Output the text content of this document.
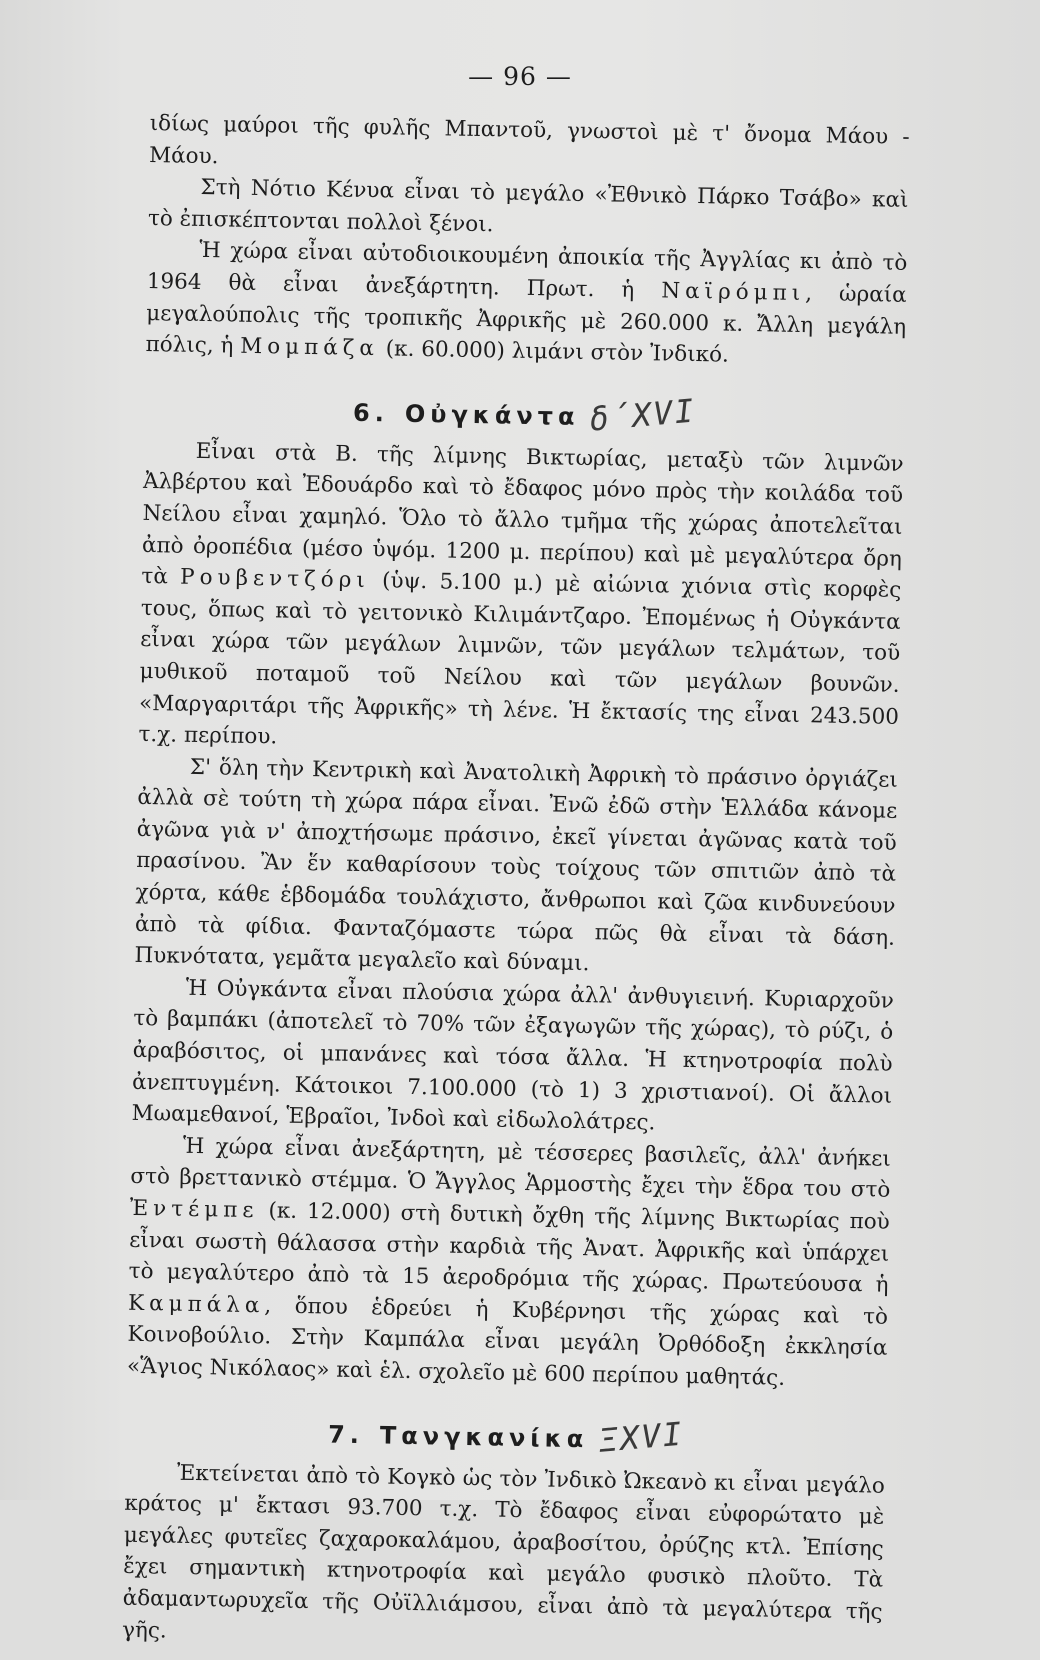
— 96 —

ιδίως μαύροι τῆς φυλῆς Μπαντοῦ, γνωστοὶ μὲ τ' ὄνομα Μάου - Μάου.

Στὴ Νότιο Κένυα εἶναι τὸ μεγάλο «Ἐθνικὸ Πάρκο Τσάβο» καὶ τὸ ἐπισκέπτονται πολλοὶ ξένοι.

Ἡ χώρα εἶναι αὐτοδιοικουμένη ἀποικία τῆς Ἀγγλίας κι ἀπὸ τὸ 1964 θὰ εἶναι ἀνεξάρτητη. Πρωτ. ἡ Ναϊρόμπι, ὡραία μεγαλούπολις τῆς τροπικῆς Ἀφρικῆς μὲ 260.000 κ. Ἄλλη μεγάλη πόλις, ἡ Μομπάζα (κ. 60.000) λιμάνι στὸν Ἰνδικό.

6. Οὐγκάντα δ΄XVI

Εἶναι στὰ Β. τῆς λίμνης Βικτωρίας, μεταξὺ τῶν λιμνῶν Ἀλβέρτου καὶ Ἐδουάρδο καὶ τὸ ἔδαφος μόνο πρὸς τὴν κοιλάδα τοῦ Νείλου εἶναι χαμηλό. Ὅλο τὸ ἄλλο τμῆμα τῆς χώρας ἀποτελεῖται ἀπὸ ὀροπέδια (μέσο ὑψόμ. 1200 μ. περίπου) καὶ μὲ μεγαλύτερα ὄρη τὰ Ρουβεντζόρι (ὑψ. 5.100 μ.) μὲ αἰώνια χιόνια στὶς κορφὲς τους, ὅπως καὶ τὸ γειτονικὸ Κιλιμάντζαρο. Ἐπομένως ἡ Οὐγκάντα εἶναι χώρα τῶν μεγάλων λιμνῶν, τῶν μεγάλων τελμάτων, τοῦ μυθικοῦ ποταμοῦ τοῦ Νείλου καὶ τῶν μεγάλων βουνῶν. «Μαργαριτάρι τῆς Ἀφρικῆς» τὴ λένε. Ἡ ἔκτασίς της εἶναι 243.500 τ.χ. περίπου.

Σ' ὅλη τὴν Κεντρικὴ καὶ Ἀνατολικὴ Ἀφρικὴ τὸ πράσινο ὀργιάζει ἀλλὰ σὲ τούτη τὴ χώρα πάρα εἶναι. Ἐνῶ ἐδῶ στὴν Ἑλλάδα κάνομε ἀγῶνα γιὰ ν' ἀποχτήσωμε πράσινο, ἐκεῖ γίνεται ἀγῶνας κατὰ τοῦ πρασίνου. Ἂν ἕν καθαρίσουν τοὺς τοίχους τῶν σπιτιῶν ἀπὸ τὰ χόρτα, κάθε ἑβδομάδα τουλάχιστο, ἄνθρωποι καὶ ζῶα κινδυνεύουν ἀπὸ τὰ φίδια. Φανταζόμαστε τώρα πῶς θὰ εἶναι τὰ δάση. Πυκνότατα, γεμᾶτα μεγαλεῖο καὶ δύναμι.

Ἡ Οὐγκάντα εἶναι πλούσια χώρα ἀλλ' ἀνθυγιεινή. Κυριαρχοῦν τὸ βαμπάκι (ἀποτελεῖ τὸ 70% τῶν ἐξαγωγῶν τῆς χώρας), τὸ ρύζι, ὁ ἀραβόσιτος, οἱ μπανάνες καὶ τόσα ἄλλα. Ἡ κτηνοτροφία πολὺ ἀνεπτυγμένη. Κάτοικοι 7.100.000 (τὸ 1) 3 χριστιανοί). Οἱ ἄλλοι Μωαμεθανοί, Ἑβραῖοι, Ἰνδοὶ καὶ εἰδωλολάτρες.

Ἡ χώρα εἶναι ἀνεξάρτητη, μὲ τέσσερες βασιλεῖς, ἀλλ' ἀνήκει στὸ βρεττανικὸ στέμμα. Ὁ Ἄγγλος Ἁρμοστὴς ἔχει τὴν ἕδρα του στὸ Ἐντέμπε (κ. 12.000) στὴ δυτικὴ ὄχθη τῆς λίμνης Βικτωρίας ποὺ εἶναι σωστὴ θάλασσα στὴν καρδιὰ τῆς Ἀνατ. Ἀφρικῆς καὶ ὑπάρχει τὸ μεγαλύτερο ἀπὸ τὰ 15 ἀεροδρόμια τῆς χώρας. Πρωτεύουσα ἡ Καμπάλα, ὅπου ἑδρεύει ἡ Κυβέρνησι τῆς χώρας καὶ τὸ Κοινοβούλιο. Στὴν Καμπάλα εἶναι μεγάλη Ὀρθόδοξη ἐκκλησία «Ἅγιος Νικόλαος» καὶ ἑλ. σχολεῖο μὲ 600 περίπου μαθητάς.

7. Τανγκανίκα ΞXVI

Ἐκτείνεται ἀπὸ τὸ Κογκὸ ὡς τὸν Ἰνδικὸ Ὠκεανὸ κι εἶναι μεγάλο κράτος μ' ἔκτασι 93.700 τ.χ. Τὸ ἔδαφος εἶναι εὐφορώτατο μὲ μεγάλες φυτεῖες ζαχαροκαλάμου, ἀραβοσίτου, ὀρύζης κτλ. Ἐπίσης ἔχει σημαντικὴ κτηνοτροφία καὶ μεγάλο φυσικὸ πλοῦτο. Τὰ ἀδαμαντωρυχεῖα τῆς Οὐϊλλιάμσου, εἶναι ἀπὸ τὰ μεγαλύτερα τῆς γῆς.
